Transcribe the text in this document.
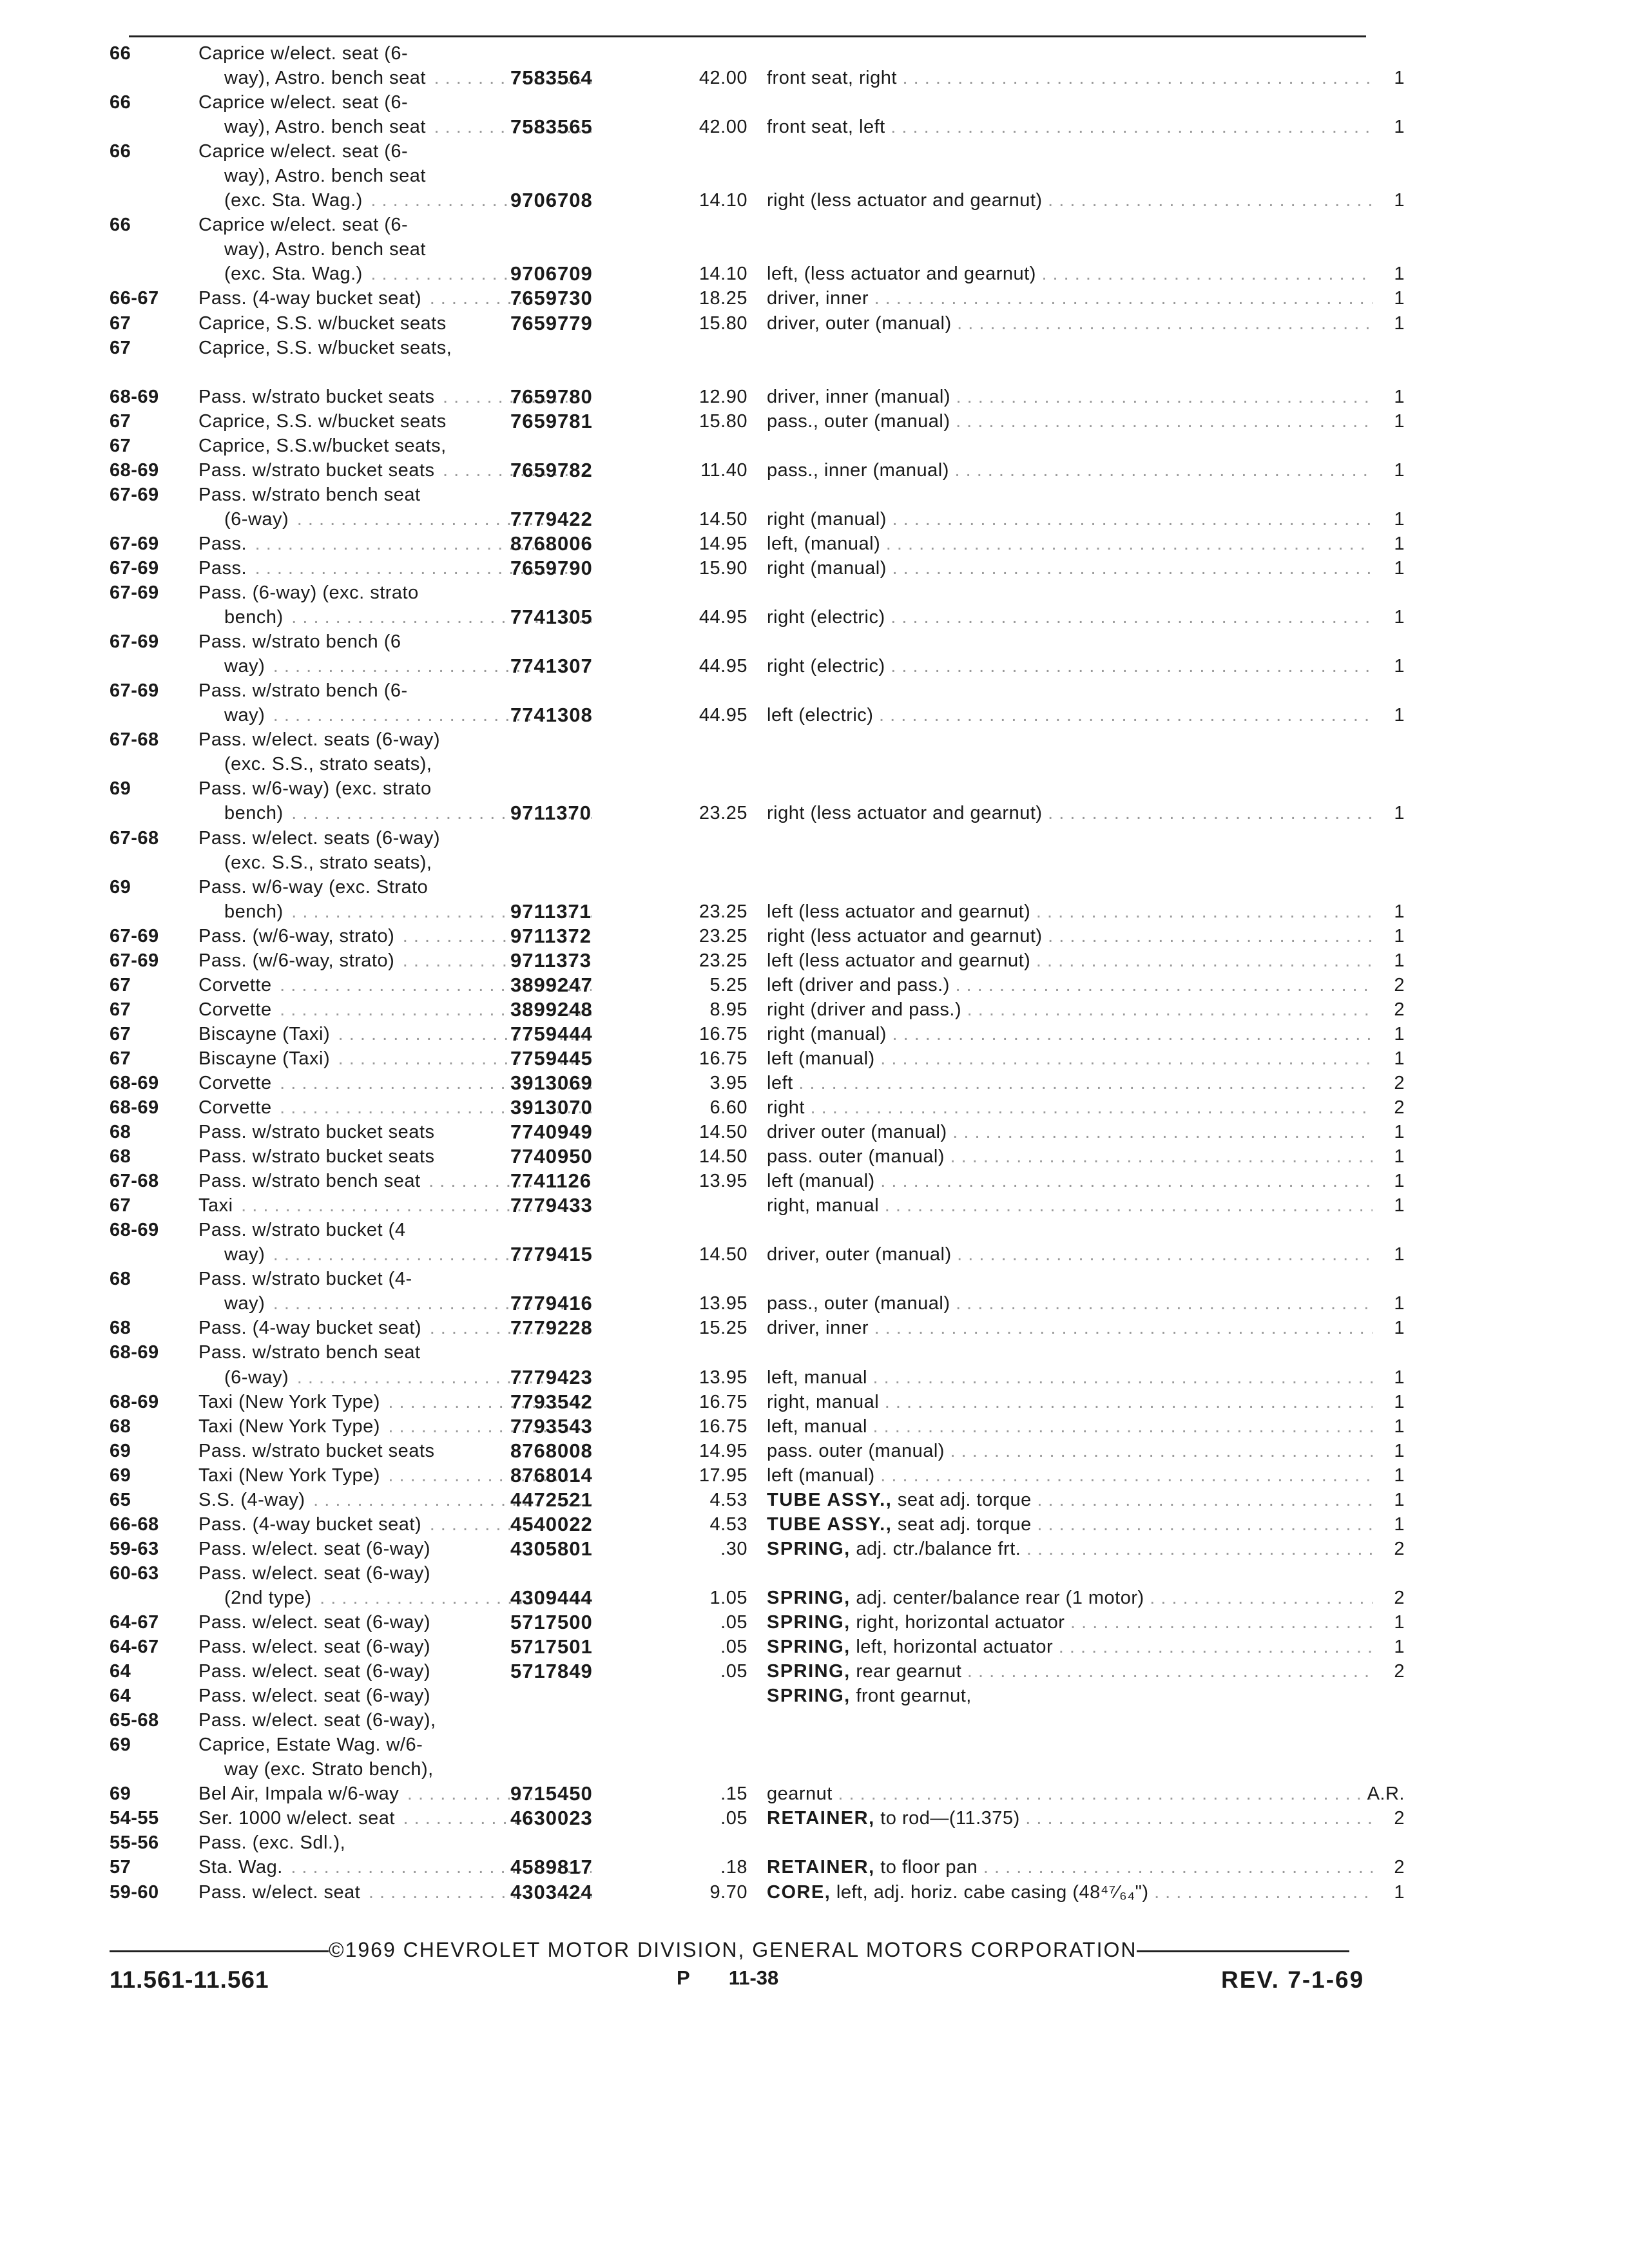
66	Caprice w/elect. seat (6-
way), Astro. bench seat . . .	7583564	42.00 front seat, right . . .	1
66	Caprice w/elect. seat (6-
way), Astro. bench seat . . .	7583565	42.00 front seat, left . . .	1
66	Caprice w/elect. seat (6-
way), Astro. bench seat
(exc. Sta. Wag.) . . .	9706708	14.10 right (less actuator and gearnut) . . .	1
66	Caprice w/elect. seat (6-
way), Astro. bench seat
(exc. Sta. Wag.) . . .	9706709	14.10 left, (less actuator and gearnut) . . .	1
66-67	Pass. (4-way bucket seat) . . .	7659730	18.25 driver, inner . . .	1
67	Caprice, S.S. w/bucket seats	7659779	15.80 driver, outer (manual) . . .	1
67	Caprice, S.S. w/bucket seats,
68-69	Pass. w/strato bucket seats . . .	7659780	12.90 driver, inner (manual) . . .	1
67	Caprice, S.S. w/bucket seats	7659781	15.80 pass., outer (manual) . . .	1
67	Caprice, S.S.w/bucket seats,
68-69	Pass. w/strato bucket seats . . .	7659782	11.40 pass., inner (manual) . . .	1
67-69	Pass. w/strato bench seat
(6-way) . . .	7779422	14.50 right (manual) . . .	1
67-69	Pass. . . .	8768006	14.95 left, (manual) . . .	1
67-69	Pass. . . .	7659790	15.90 right (manual) . . .	1
67-69	Pass. (6-way) (exc. strato
bench) . . .	7741305	44.95 right (electric) . . .	1
67-69	Pass. w/strato bench (6
way) . . .	7741307	44.95 right (electric) . . .	1
67-69	Pass. w/strato bench (6-
way) . . .	7741308	44.95 left (electric) . . .	1
67-68	Pass. w/elect. seats (6-way)
(exc. S.S., strato seats),
69	Pass. w/6-way) (exc. strato
bench) . . .	9711370	23.25 right (less actuator and gearnut) . . .	1
67-68	Pass. w/elect. seats (6-way)
(exc. S.S., strato seats),
69	Pass. w/6-way (exc. Strato
bench) . . .	9711371	23.25 left (less actuator and gearnut) . . .	1
67-69	Pass. (w/6-way, strato) . . .	9711372	23.25 right (less actuator and gearnut) . . .	1
67-69	Pass. (w/6-way, strato) . . .	9711373	23.25 left (less actuator and gearnut) . . .	1
67	Corvette . . .	3899247	5.25 left (driver and pass.) . . .	2
67	Corvette . . .	3899248	8.95 right (driver and pass.) . . .	2
67	Biscayne (Taxi) . . .	7759444	16.75 right (manual) . . .	1
67	Biscayne (Taxi) . . .	7759445	16.75 left (manual) . . .	1
68-69	Corvette . . .	3913069	3.95 left . . .	2
68-69	Corvette . . .	3913070	6.60 right . . .	2
68	Pass. w/strato bucket seats	7740949	14.50 driver outer (manual) . . .	1
68	Pass. w/strato bucket seats	7740950	14.50 pass. outer (manual) . . .	1
67-68	Pass. w/strato bench seat . . .	7741126	13.95 left (manual) . . .	1
67	Taxi . . .	7779433	right, manual . . .	1
68-69	Pass. w/strato bucket (4
way) . . .	7779415	14.50 driver, outer (manual) . . .	1
68	Pass. w/strato bucket (4-
way) . . .	7779416	13.95 pass., outer (manual) . . .	1
68	Pass. (4-way bucket seat) . . .	7779228	15.25 driver, inner . . .	1
68-69	Pass. w/strato bench seat
(6-way) . . .	7779423	13.95 left, manual . . .	1
68-69	Taxi (New York Type) . . .	7793542	16.75 right, manual . . .	1
68	Taxi (New York Type) . . .	7793543	16.75 left, manual . . .	1
69	Pass. w/strato bucket seats	8768008	14.95 pass. outer (manual) . . .	1
69	Taxi (New York Type) . . .	8768014	17.95 left (manual) . . .	1
65	S.S. (4-way) . . .	4472521	4.53 TUBE ASSY., seat adj. torque . . .	1
66-68	Pass. (4-way bucket seat) . . .	4540022	4.53 TUBE ASSY., seat adj. torque . . .	1
59-63	Pass. w/elect. seat (6-way)	4305801	.30 SPRING, adj. ctr./balance frt. . . .	2
60-63	Pass. w/elect. seat (6-way)
(2nd type) . . .	4309444	1.05 SPRING, adj. center/balance rear (1 motor) . . .	2
64-67	Pass. w/elect. seat (6-way)	5717500	.05 SPRING, right, horizontal actuator . . .	1
64-67	Pass. w/elect. seat (6-way)	5717501	.05 SPRING, left, horizontal actuator . . .	1
64	Pass. w/elect. seat (6-way)	5717849	.05 SPRING, rear gearnut . . .	2
64	Pass. w/elect. seat (6-way)	SPRING, front gearnut,
65-68	Pass. w/elect. seat (6-way),
69	Caprice, Estate Wag. w/6-
way (exc. Strato bench),
69	Bel Air, Impala w/6-way . . .	9715450	.15 gearnut . . .	A.R.
54-55	Ser. 1000 w/elect. seat . . .	4630023	.05 RETAINER, to rod—(11.375) . . .	2
55-56	Pass. (exc. Sdl.),
57	Sta. Wag. . . .	4589817	.18 RETAINER, to floor pan . . .	2
59-60	Pass. w/elect. seat . . .	4303424	9.70 CORE, left, adj. horiz. cabe casing (48⁴⁷⁄₆₄") . . .	1
©1969 CHEVROLET MOTOR DIVISION, GENERAL MOTORS CORPORATION
11.561-11.561	P 11-38	REV. 7-1-69
